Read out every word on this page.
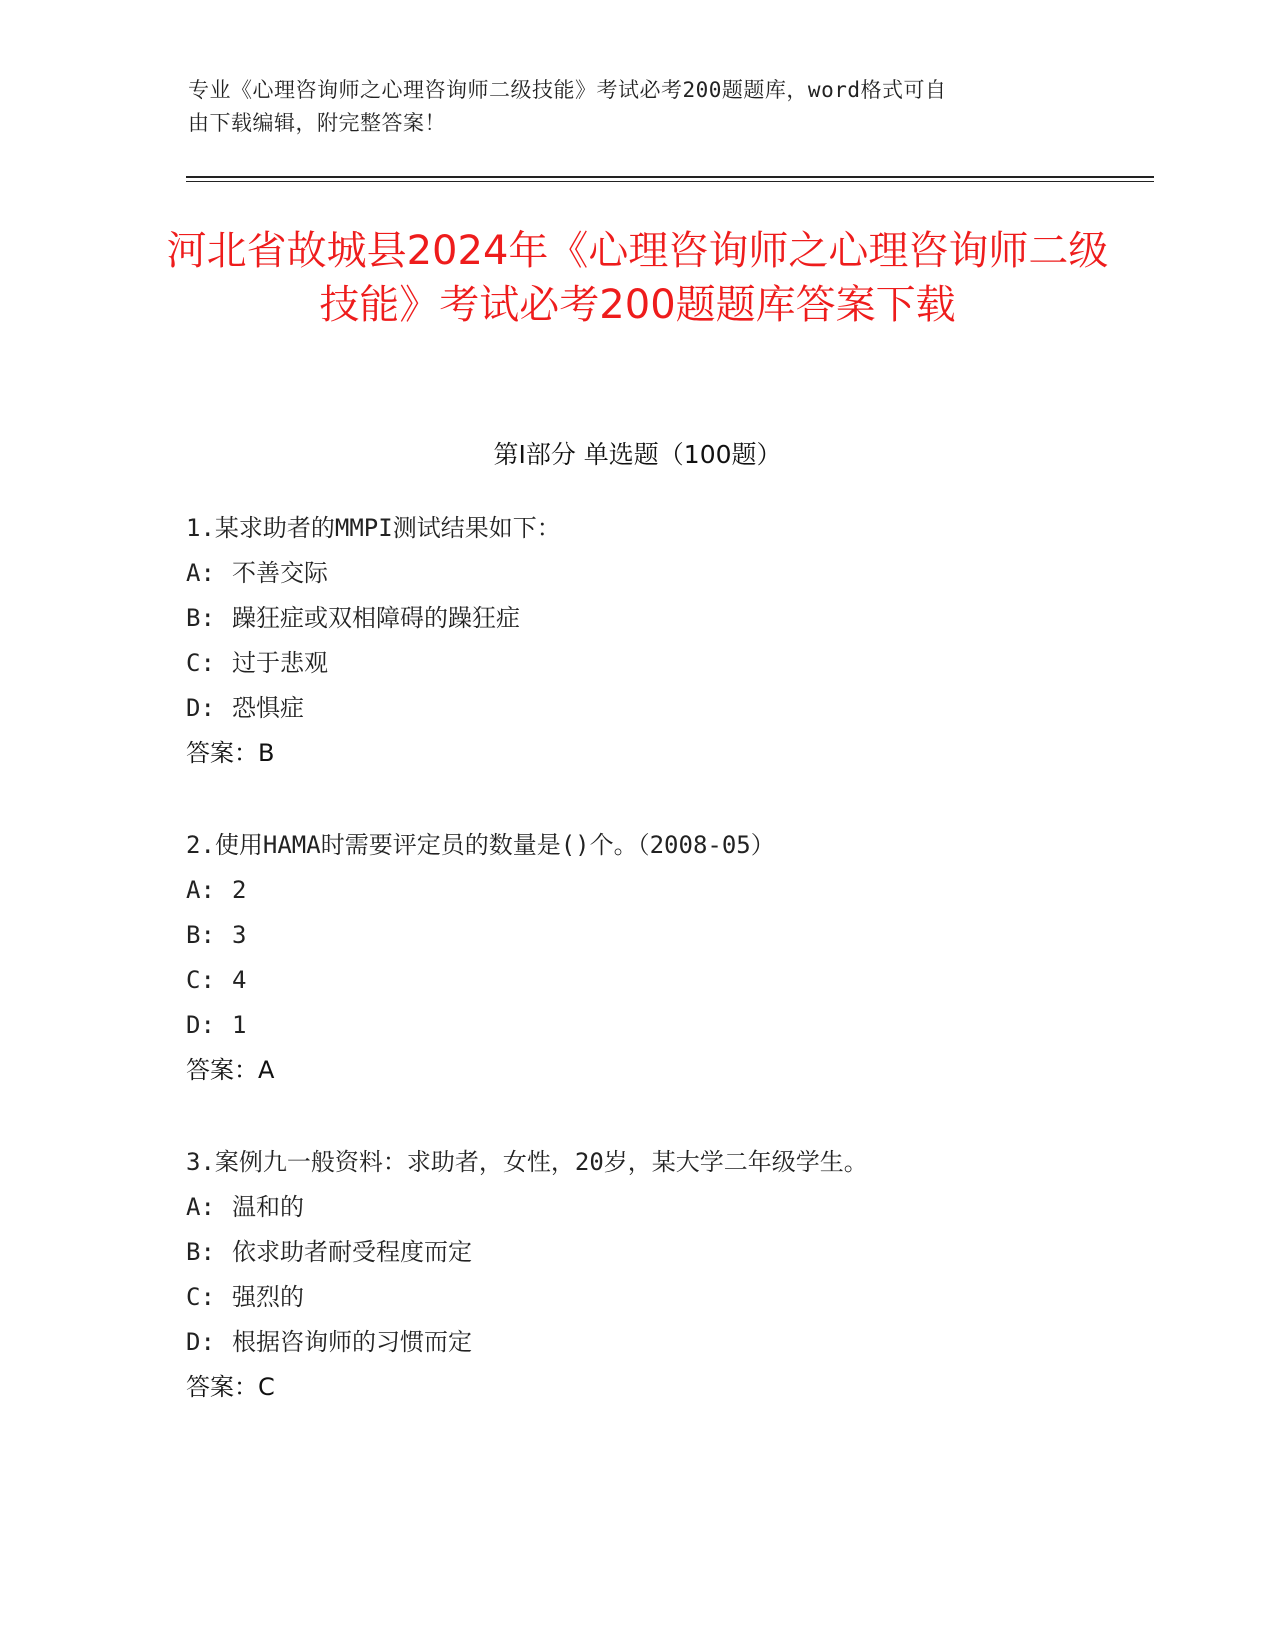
专业《心理咨询师之心理咨询师二级技能》考试必考200题题库，word格式可自
由下载编辑，附完整答案！
河北省故城县2024年《心理咨询师之心理咨询师二级技能》考试必考200题题库答案下载
第Ⅰ部分 单选题（100题）
1.某求助者的MMPI测试结果如下：
A: 不善交际
B: 躁狂症或双相障碍的躁狂症
C: 过于悲观
D: 恐惧症
答案：B
2.使用HAMA时需要评定员的数量是()个。（2008-05）
A: 2
B: 3
C: 4
D: 1
答案：A
3.案例九一般资料：求助者，女性，20岁，某大学二年级学生。
A: 温和的
B: 依求助者耐受程度而定
C: 强烈的
D: 根据咨询师的习惯而定
答案：C
